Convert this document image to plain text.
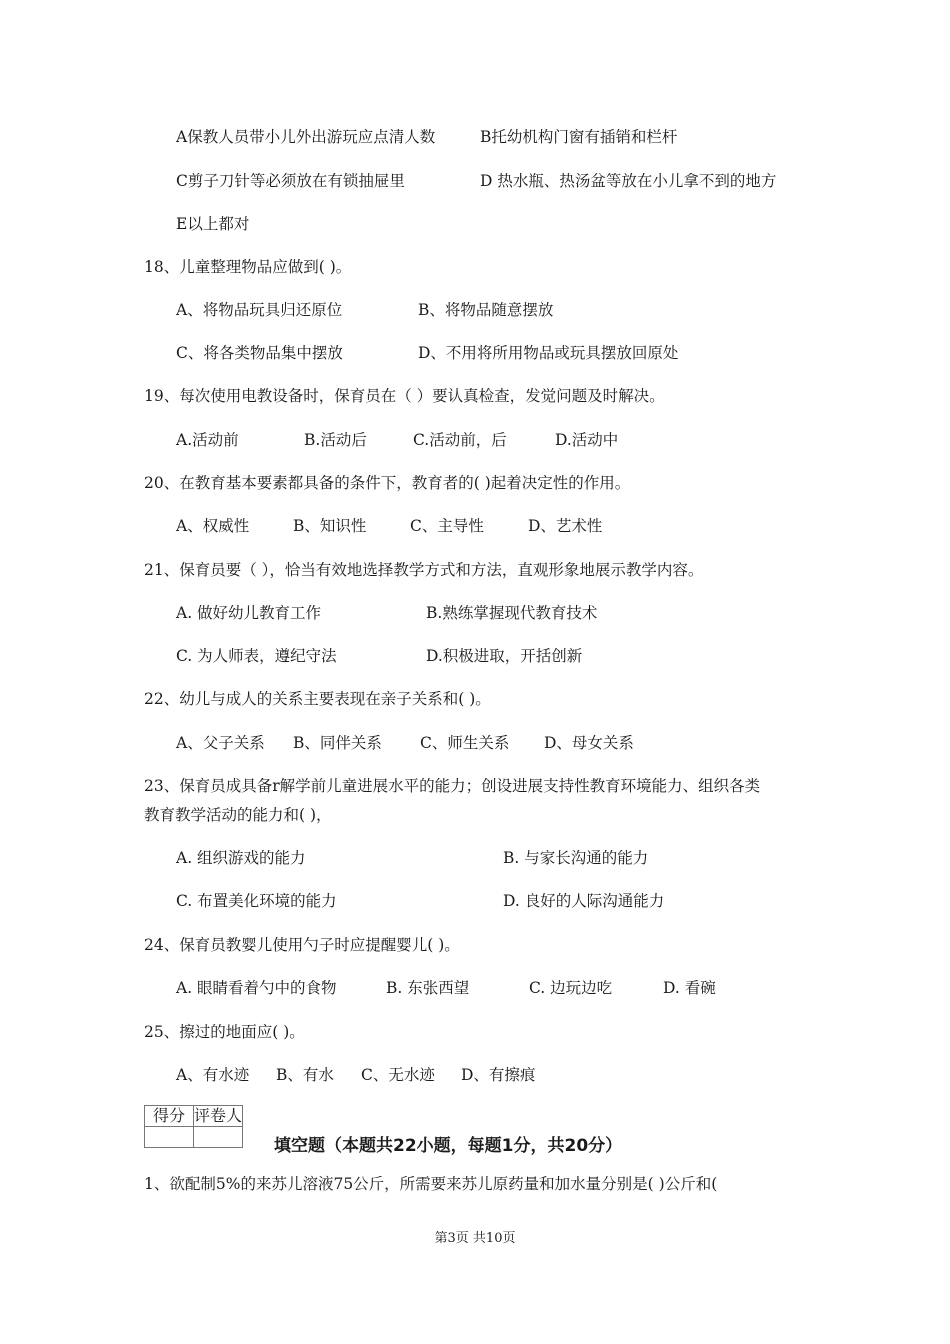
A保教人员带小儿外出游玩应点清人数	B托幼机构门窗有插销和栏杆
C剪子刀针等必须放在有锁抽屉里	D 热水瓶、热汤盆等放在小儿拿不到的地方
E以上都对
18、儿童整理物品应做到( )。
A、将物品玩具归还原位	B、将物品随意摆放
C、将各类物品集中摆放	D、不用将所用物品或玩具摆放回原处
19、每次使用电教设备时，保育员在（ ）要认真检查，发觉问题及时解决。
A.活动前	B.活动后	C.活动前，后	D.活动中
20、在教育基本要素都具备的条件下，教育者的( )起着决定性的作用。
A、权威性	B、知识性	C、主导性	D、艺术性
21、保育员要（ ），恰当有效地选择教学方式和方法，直观形象地展示教学内容。
A. 做好幼儿教育工作	B.熟练掌握现代教育技术
C. 为人师表，遵纪守法	D.积极进取，开括创新
22、幼儿与成人的关系主要表现在亲子关系和( )。
A、父子关系 B、同伴关系 C、师生关系 D、母女关系
23、保育员成具备r解学前儿童进展水平的能力；创设进展支持性教育环境能力、组织各类
教育教学活动的能力和( )，
A. 组织游戏的能力	B. 与家长沟通的能力
C. 布置美化环境的能力	D. 良好的人际沟通能力
24、保育员教婴儿使用勺子时应提醒婴儿( )。
A. 眼睛看着勺中的食物	B. 东张西望	C. 边玩边吃	D. 看碗
25、擦过的地面应( )。
A、有水迹 B、有水 C、无水迹 D、有擦痕
1、欲配制5%的来苏儿溶液75公斤，所需要来苏儿原药量和加水量分别是( )公斤和(
得分	评卷人

填空题（本题共22小题，每题1分，共20分）
第3页 共10页
